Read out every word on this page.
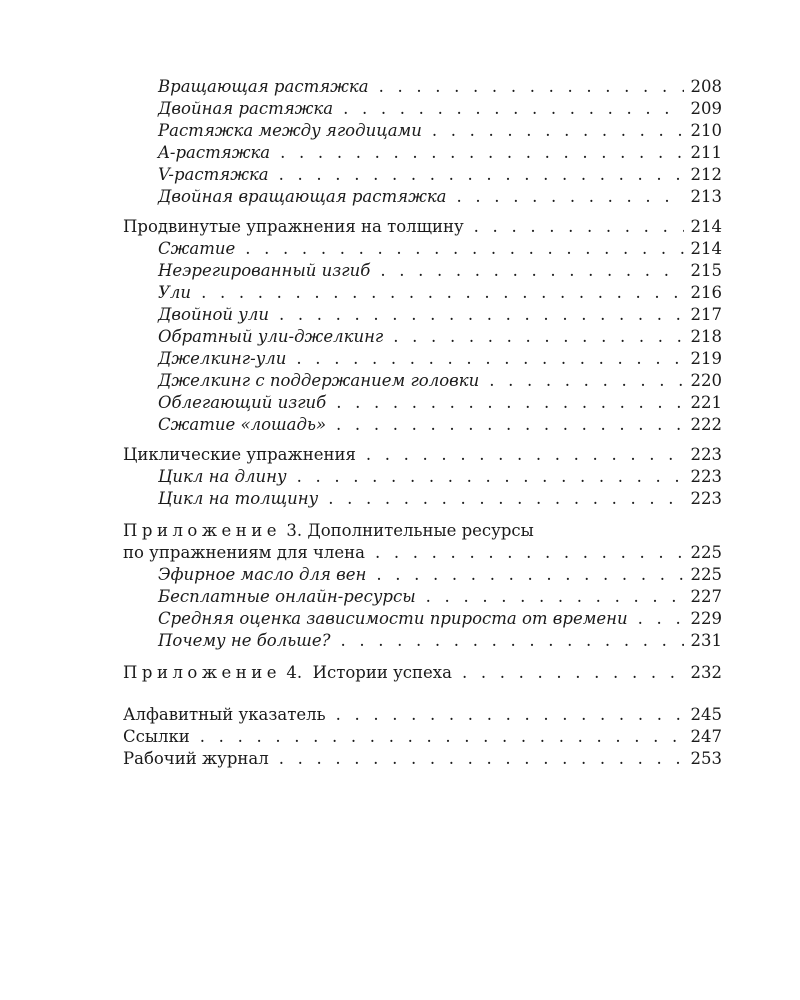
Вращающая растяжка . . .	208
Двойная растяжка . . .	209
Растяжка между ягодицами . . .	210
A-растяжка . . .	211
V-растяжка . . .	212
Двойная вращающая растяжка . . .	213
Продвинутые упражнения на толщину . . .	214
Сжатие . . .	214
Неэрегированный изгиб . . .	215
Ули . . .	216
Двойной ули . . .	217
Обратный ули-джелкинг . . .	218
Джелкинг-ули . . .	219
Джелкинг с поддержанием головки . . .	220
Облегающий изгиб . . .	221
Сжатие «лошадь» . . .	222
Циклические упражнения . . .	223
Цикл на длину . . .	223
Цикл на толщину . . .	223
Приложение 3. Дополнительные ресурсы
по упражнениям для члена . . .	225
Эфирное масло для вен . . .	225
Бесплатные онлайн-ресурсы . . .	227
Средняя оценка зависимости прироста от времени . . .	229
Почему не больше? . . .	231
Приложение 4. Истории успеха . . .	232
Алфавитный указатель . . .	245
Ссылки . . .	247
Рабочий журнал . . .	253
